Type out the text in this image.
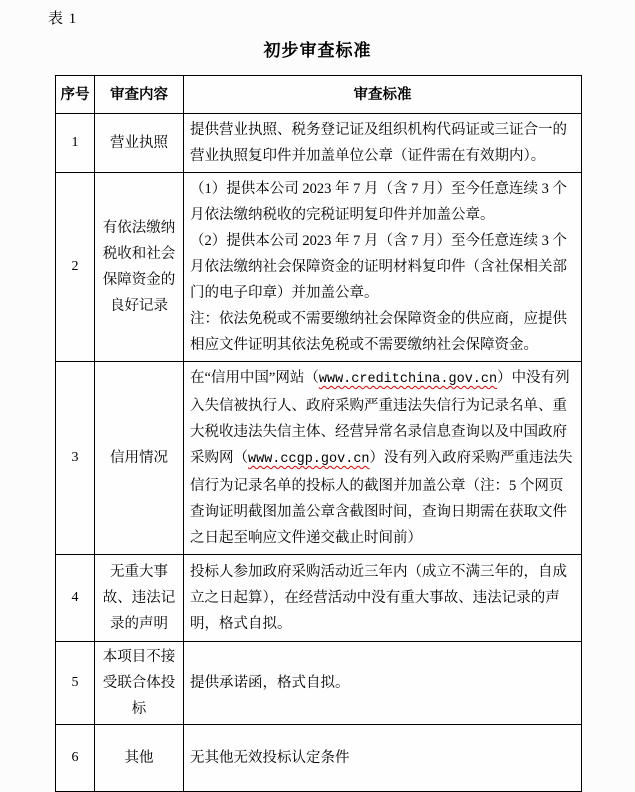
表 1
初步审查标准
序号	审查内容	审查标准
1	营业执照	提供营业执照、税务登记证及组织机构代码证或三证合一的营业执照复印件并加盖单位公章（证件需在有效期内）。

2	有依法缴纳税收和社会保障资金的良好记录	（1）提供本公司 2023 年 7 月（含 7 月）至今任意连续 3 个月依法缴纳税收的完税证明复印件并加盖公章。

（2）提供本公司 2023 年 7 月（含 7 月）至今任意连续 3 个月依法缴纳社会保障资金的证明材料复印件（含社保相关部门的电子印章）并加盖公章。

注：依法免税或不需要缴纳社会保障资金的供应商，应提供相应文件证明其依法免税或不需要缴纳社会保障资金。

3	信用情况	在“信用中国”网站（www.creditchina.gov.cn）中没有列入失信被执行人、政府采购严重违法失信行为记录名单、重大税收违法失信主体、经营异常名录信息查询以及中国政府采购网（www.ccgp.gov.cn）没有列入政府采购严重违法失信行为记录名单的投标人的截图并加盖公章（注：5 个网页查询证明截图加盖公章含截图时间，查询日期需在获取文件之日起至响应文件递交截止时间前）

4	无重大事故、违法记录的声明	投标人参加政府采购活动近三年内（成立不满三年的，自成立之日起算），在经营活动中没有重大事故、违法记录的声明，格式自拟。

5	本项目不接受联合体投标	提供承诺函，格式自拟。

6	其他	无其他无效投标认定条件
